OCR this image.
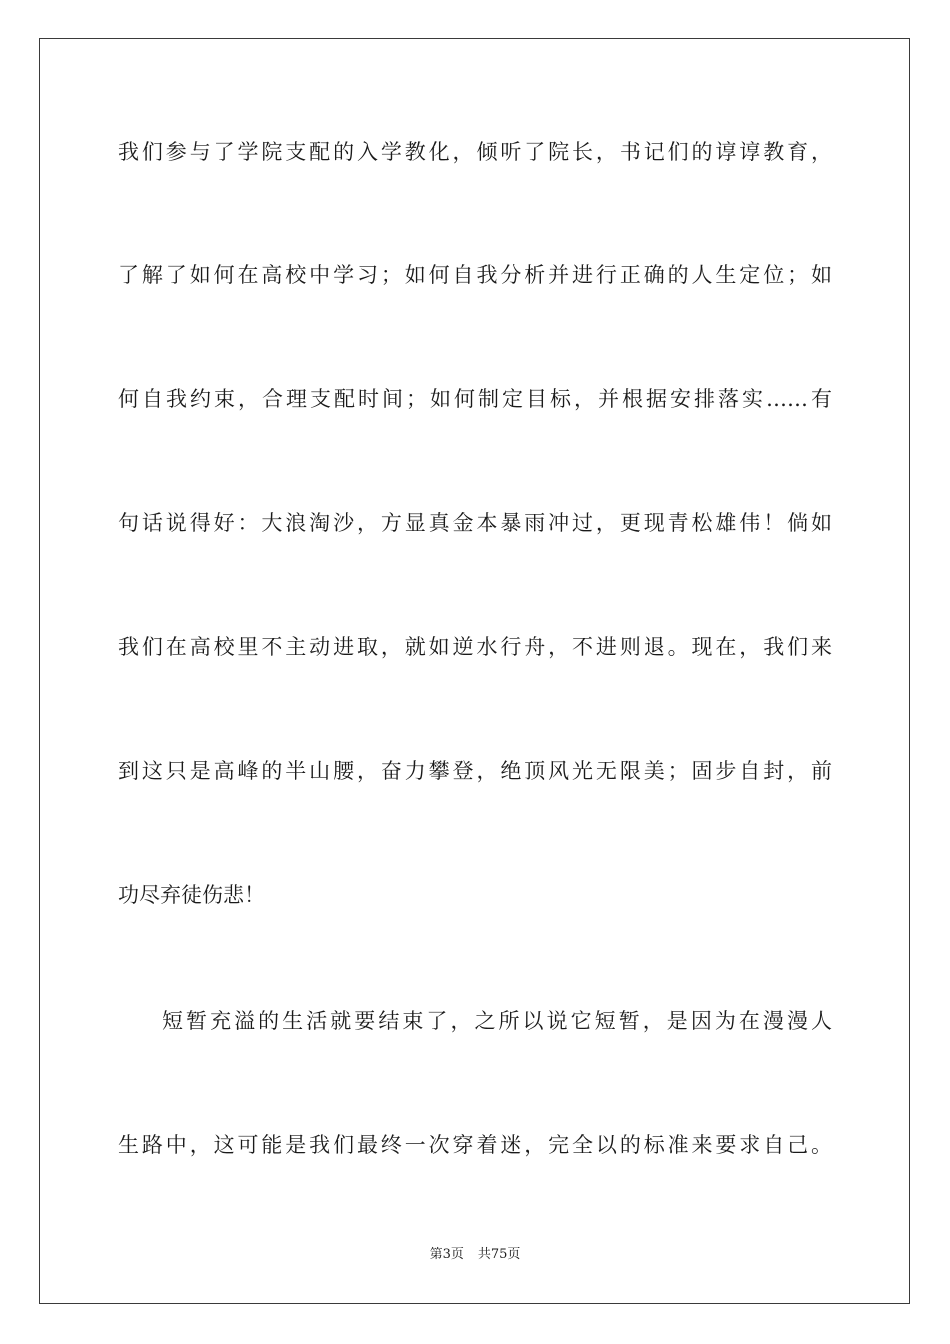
我们参与了学院支配的入学教化，倾听了院长，书记们的谆谆教育，
了解了如何在高校中学习；如何自我分析并进行正确的人生定位；如
何自我约束，合理支配时间；如何制定目标，并根据安排落实……有
句话说得好：大浪淘沙，方显真金本暴雨冲过，更现青松雄伟！倘如
我们在高校里不主动进取，就如逆水行舟，不进则退。现在，我们来
到这只是高峰的半山腰，奋力攀登，绝顶风光无限美；固步自封，前
功尽弃徒伤悲！
短暂充溢的生活就要结束了，之所以说它短暂，是因为在漫漫人
生路中，这可能是我们最终一次穿着迷，完全以的标准来要求自己。
第3页 共75页
